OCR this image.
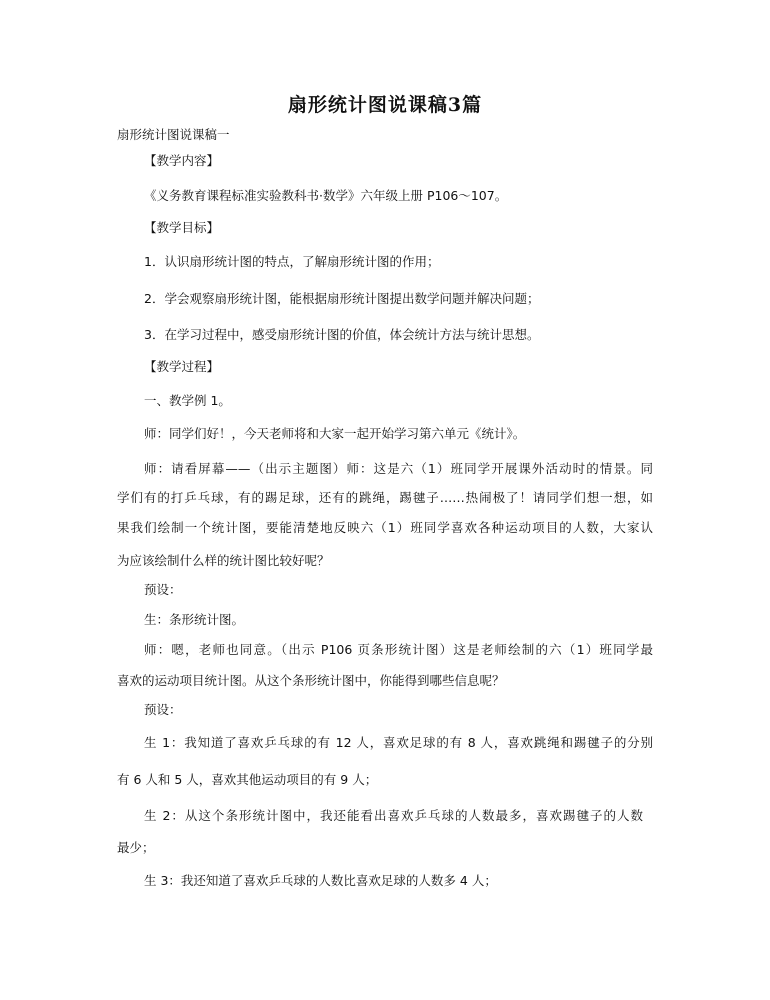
扇形统计图说课稿3篇
扇形统计图说课稿一
【教学内容】
《义务教育课程标准实验教科书·数学》六年级上册 P106～107。
【教学目标】
1．认识扇形统计图的特点，了解扇形统计图的作用；
2．学会观察扇形统计图，能根据扇形统计图提出数学问题并解决问题；
3．在学习过程中，感受扇形统计图的价值，体会统计方法与统计思想。
【教学过程】
一、教学例 1。
师：同学们好！，今天老师将和大家一起开始学习第六单元《统计》。
师：请看屏幕——（出示主题图）师：这是六（1）班同学开展课外活动时的情景。同
学们有的打乒乓球，有的踢足球，还有的跳绳，踢毽子……热闹极了！请同学们想一想，如
果我们绘制一个统计图，要能清楚地反映六（1）班同学喜欢各种运动项目的人数，大家认
为应该绘制什么样的统计图比较好呢？
预设：
生：条形统计图。
师：嗯，老师也同意。（出示 P106 页条形统计图）这是老师绘制的六（1）班同学最
喜欢的运动项目统计图。从这个条形统计图中，你能得到哪些信息呢？
预设：
生 1：我知道了喜欢乒乓球的有 12 人，喜欢足球的有 8 人，喜欢跳绳和踢毽子的分别
有 6 人和 5 人，喜欢其他运动项目的有 9 人；
生 2：从这个条形统计图中，我还能看出喜欢乒乓球的人数最多，喜欢踢毽子的人数
最少；
生 3：我还知道了喜欢乒乓球的人数比喜欢足球的人数多 4 人；
